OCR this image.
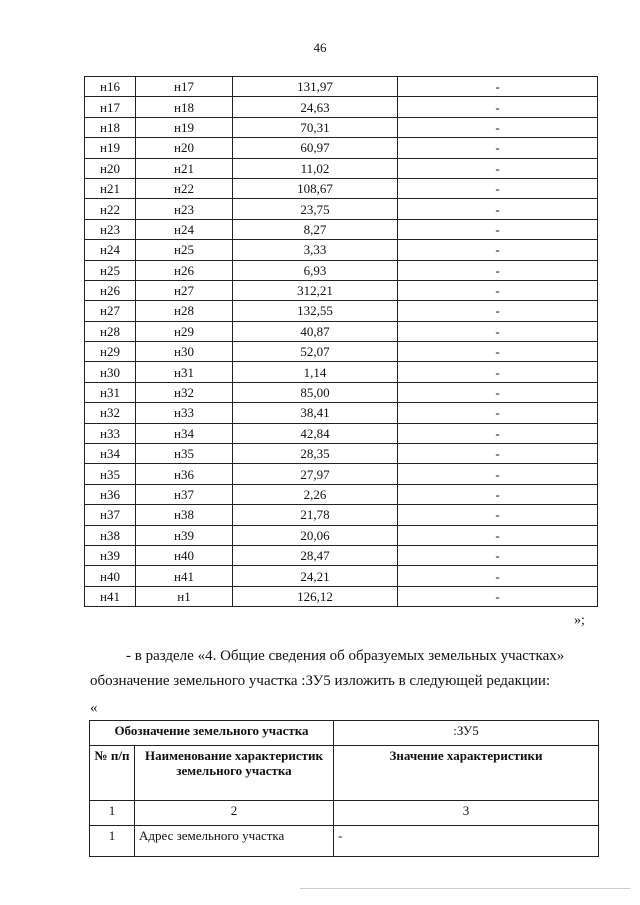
46
н16	н17	131,97	-
н17	н18	24,63	-
н18	н19	70,31	-
н19	н20	60,97	-
н20	н21	11,02	-
н21	н22	108,67	-
н22	н23	23,75	-
н23	н24	8,27	-
н24	н25	3,33	-
н25	н26	6,93	-
н26	н27	312,21	-
н27	н28	132,55	-
н28	н29	40,87	-
н29	н30	52,07	-
н30	н31	1,14	-
н31	н32	85,00	-
н32	н33	38,41	-
н33	н34	42,84	-
н34	н35	28,35	-
н35	н36	27,97	-
н36	н37	2,26	-
н37	н38	21,78	-
н38	н39	20,06	-
н39	н40	28,47	-
н40	н41	24,21	-
н41	н1	126,12	-
»;
- в разделе «4. Общие сведения об образуемых земельных участках»
обозначение земельного участка :ЗУ5 изложить в следующей редакции:
«
Обозначение земельного участка		:ЗУ5
№ п/п	Наименование характеристик земельного участка	Значение характеристики
1	2	3
1	Адрес земельного участка	-
